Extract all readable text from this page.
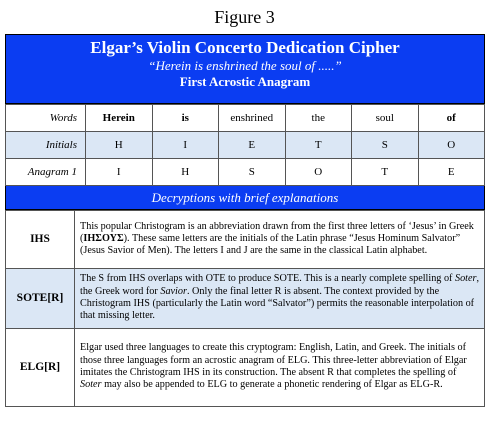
Figure 3
Elgar’s Violin Concerto Dedication Cipher
“Herein is enshrined the soul of .....”
First Acrostic Anagram
Words	Herein	is	enshrined	the	soul	of
Initials	H	I	E	T	S	O
Anagram 1	I	H	S	O	T	E
Decryptions with brief explanations
IHS	This popular Christogram is an abbreviation drawn from the first three letters of ‘Jesus’ in Greek (ΙΗΣΟΥΣ). These same letters are the initials of the Latin phrase “Jesus Hominum Salvator” (Jesus Savior of Men). The letters I and J are the same in the classical Latin alphabet.
SOTE[R]	The S from IHS overlaps with OTE to produce SOTE. This is a nearly complete spelling of Soter, the Greek word for Savior. Only the final letter R is absent. The context provided by the Christogram IHS (particularly the Latin word “Salvator”) permits the reasonable interpolation of that missing letter.
ELG[R]	Elgar used three languages to create this cryptogram: English, Latin, and Greek. The initials of those three languages form an acrostic anagram of ELG. This three-letter abbreviation of Elgar imitates the Christogram IHS in its construction. The absent R that completes the spelling of Soter may also be appended to ELG to generate a phonetic rendering of Elgar as ELG-R.
